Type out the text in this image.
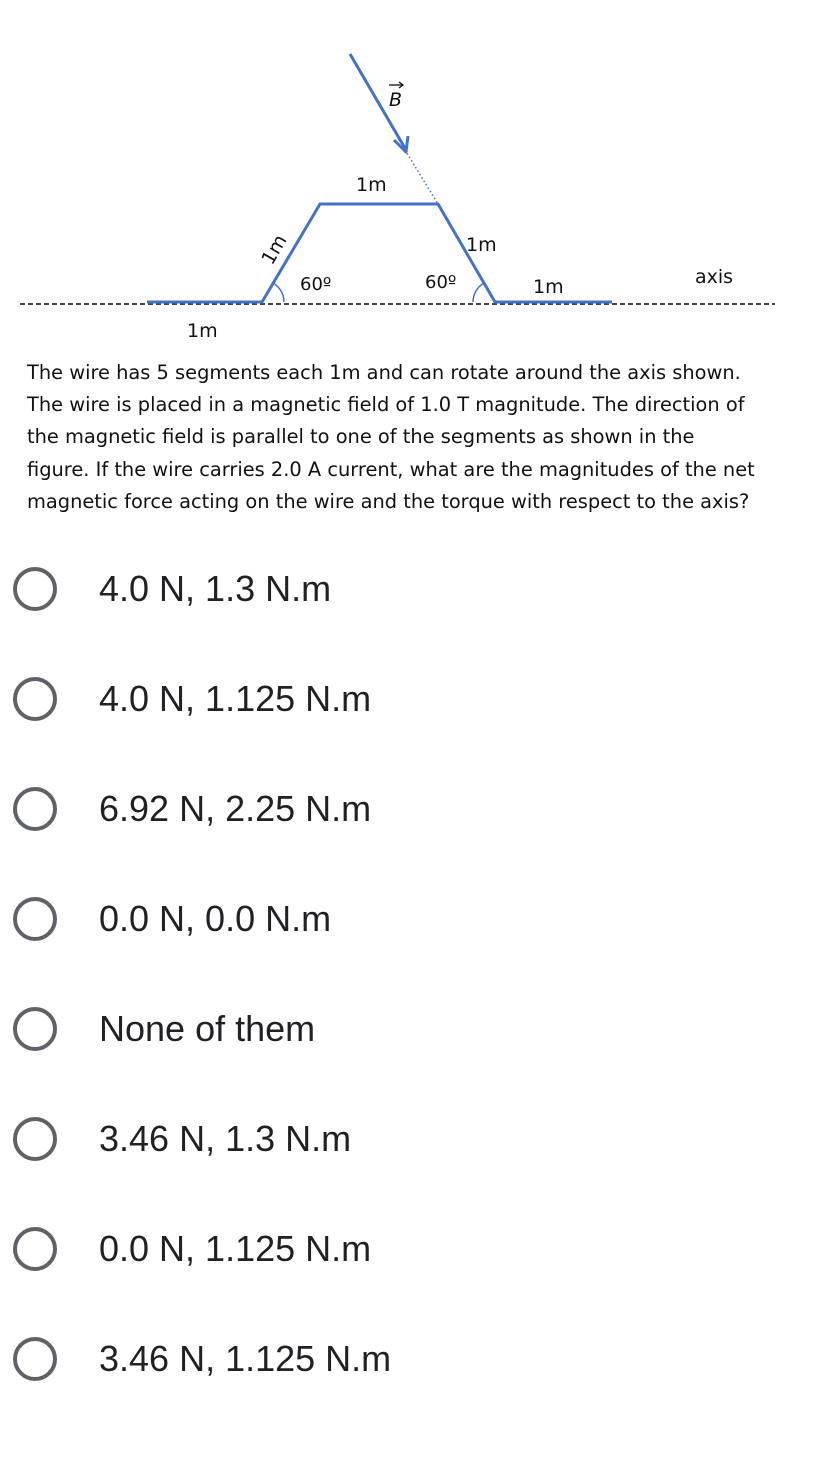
B
1m
1m	1m
60º	60º	1m	axis
1m
The wire has 5 segments each 1m and can rotate around the axis shown.
The wire is placed in a magnetic field of 1.0 T magnitude. The direction of
the magnetic field is parallel to one of the segments as shown in the
figure. If the wire carries 2.0 A current, what are the magnitudes of the net
magnetic force acting on the wire and the torque with respect to the axis?
4.0 N, 1.3 N.m
4.0 N, 1.125 N.m
6.92 N, 2.25 N.m
0.0 N, 0.0 N.m
None of them
3.46 N, 1.3 N.m
0.0 N, 1.125 N.m
3.46 N, 1.125 N.m
